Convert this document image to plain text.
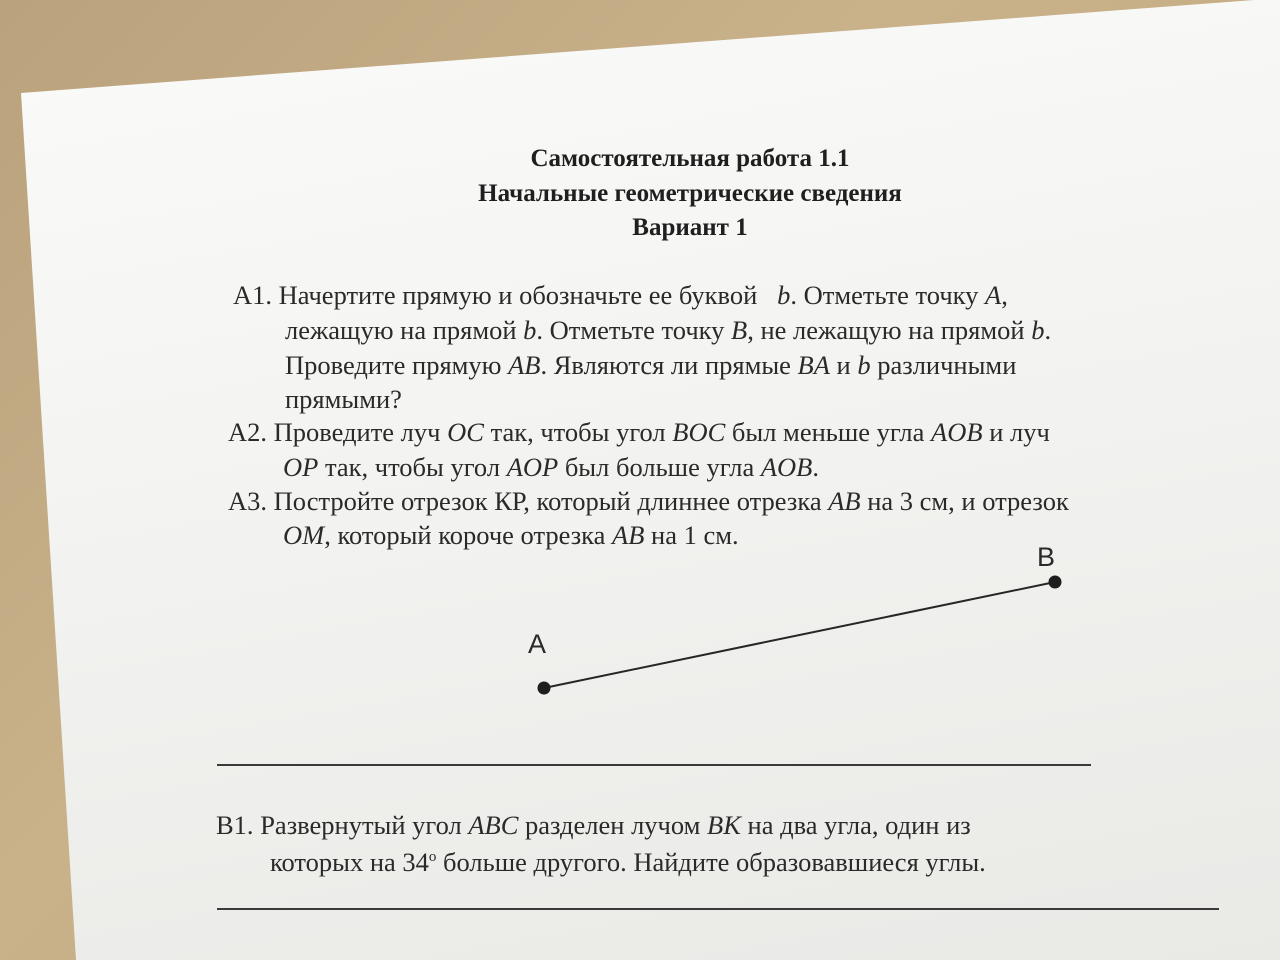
Самостоятельная работа 1.1
Начальные геометрические сведения
Вариант 1
А1. Начертите прямую и обозначьте ее буквой b. Отметьте точку A,
лежащую на прямой b. Отметьте точку B, не лежащую на прямой b.
Проведите прямую AB. Являются ли прямые BA и b различными
прямыми?
А2. Проведите луч OC так, чтобы угол BOC был меньше угла AOB и луч
OP так, чтобы угол AOP был больше угла AOB.
А3. Постройте отрезок КР, который длиннее отрезка AB на 3 см, и отрезок
OM, который короче отрезка AB на 1 см.
A
B
В1. Развернутый угол ABC разделен лучом BK на два угла, один из
которых на $34^о$ больше другого. Найдите образовавшиеся углы.
